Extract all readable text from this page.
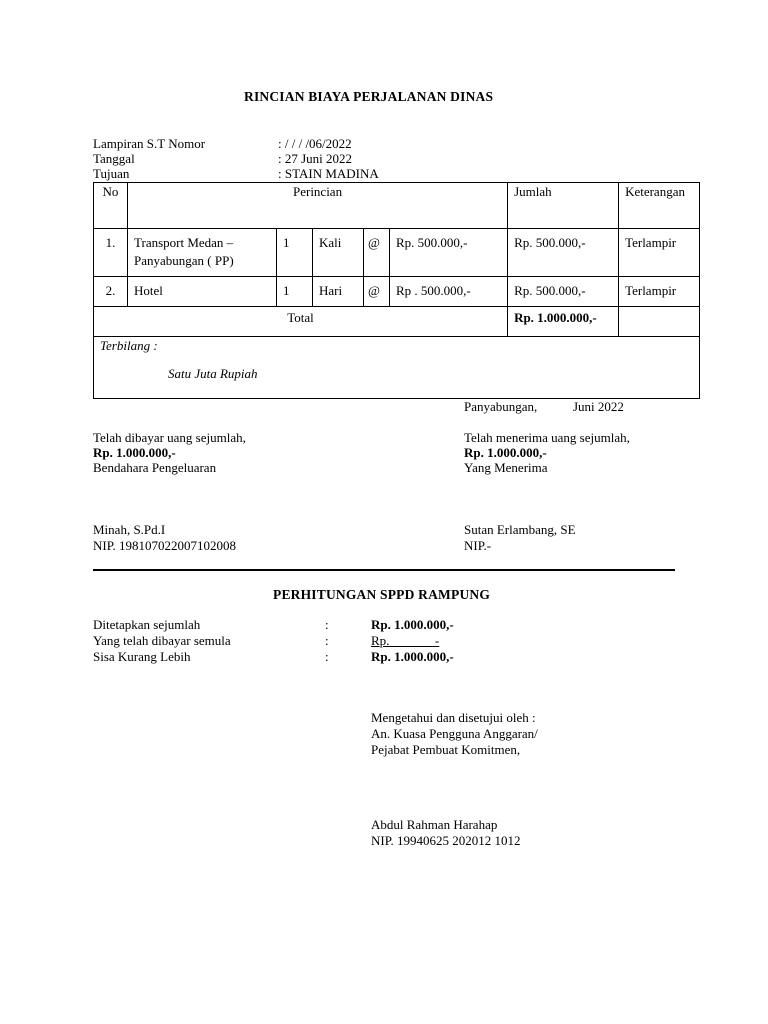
RINCIAN BIAYA PERJALANAN DINAS
Lampiran S.T Nomor	: / / / /06/2022
Tanggal	: 27 Juni 2022
Tujuan	: STAIN MADINA
No	Perincian					Jumlah	Keterangan
1.	Transport Medan – Panyabungan ( PP)	1	Kali	@	Rp. 500.000,-	Rp. 500.000,-	Terlampir
2.	Hotel	1	Hari	@	Rp . 500.000,-	Rp. 500.000,-	Terlampir
Total						Rp. 1.000.000,-	

Terbilang :
Satu Juta Rupiah							
Panyabungan,	Juni 2022
Telah dibayar uang sejumlah,
Rp. 1.000.000,-
Bendahara Pengeluaran
Minah, S.Pd.I
NIP. 198107022007102008
Telah menerima uang sejumlah,
Rp. 1.000.000,-
Yang Menerima
Sutan Erlambang, SE
NIP.-
PERHITUNGAN SPPD RAMPUNG
Ditetapkan sejumlah	:	Rp. 1.000.000,-
Yang telah dibayar semula	:	Rp.              -
Sisa Kurang Lebih	:	Rp. 1.000.000,-
Mengetahui dan disetujui oleh :
An. Kuasa Pengguna Anggaran/
Pejabat Pembuat Komitmen,
Abdul Rahman Harahap
NIP. 19940625 202012 1012
